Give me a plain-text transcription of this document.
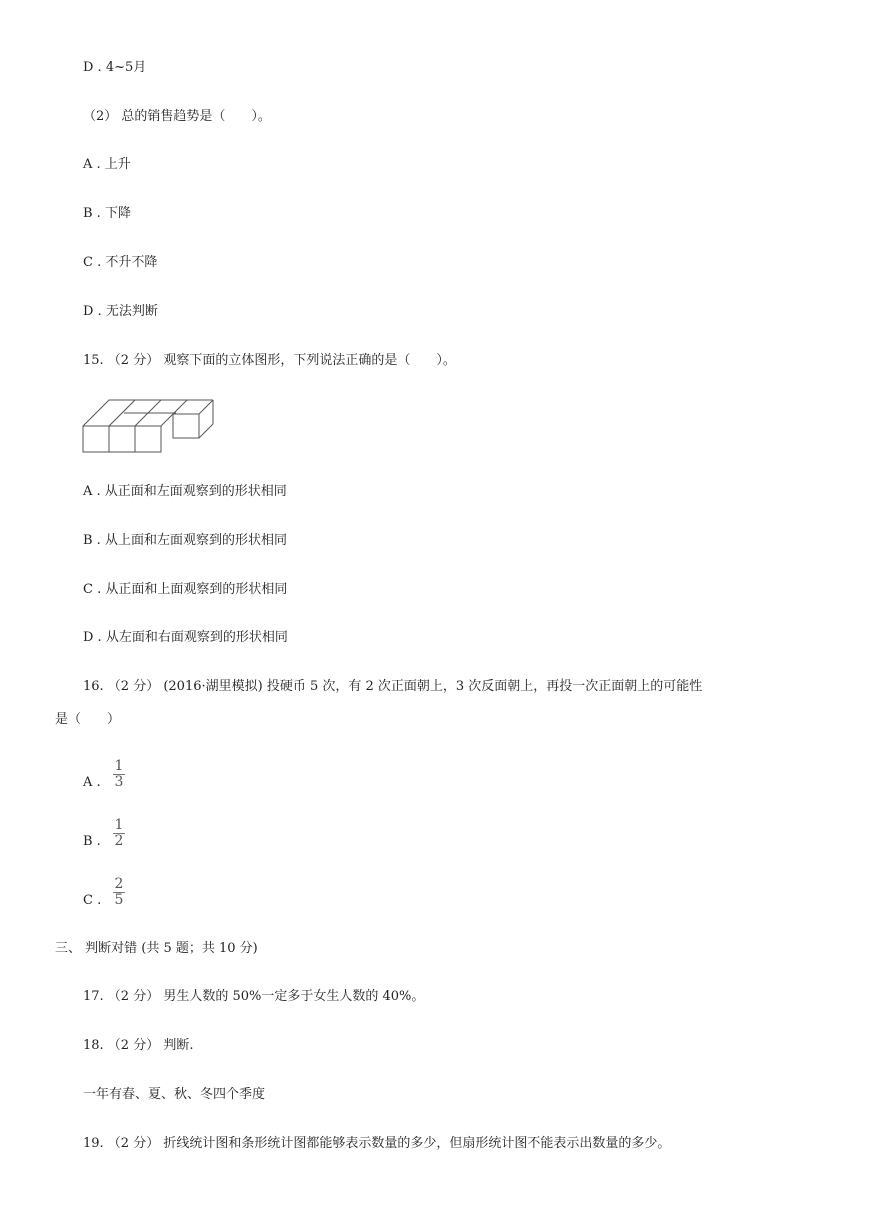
D . 4~5月
（2） 总的销售趋势是（　　）。
A . 上升
B . 下降
C . 不升不降
D . 无法判断
15. （2 分） 观察下面的立体图形，下列说法正确的是（　　）。
A . 从正面和左面观察到的形状相同
B . 从上面和左面观察到的形状相同
C . 从正面和上面观察到的形状相同
D . 从左面和右面观察到的形状相同
16. （2 分） (2016·湖里模拟) 投硬币 5 次，有 2 次正面朝上，3 次反面朝上，再投一次正面朝上的可能性
是（　　）
A .
1
3
B .
1
2
C .
2
5
三、 判断对错 (共 5 题；共 10 分)
17. （2 分） 男生人数的 50%一定多于女生人数的 40%。
18. （2 分） 判断.
一年有春、夏、秋、冬四个季度
19. （2 分） 折线统计图和条形统计图都能够表示数量的多少，但扇形统计图不能表示出数量的多少。
